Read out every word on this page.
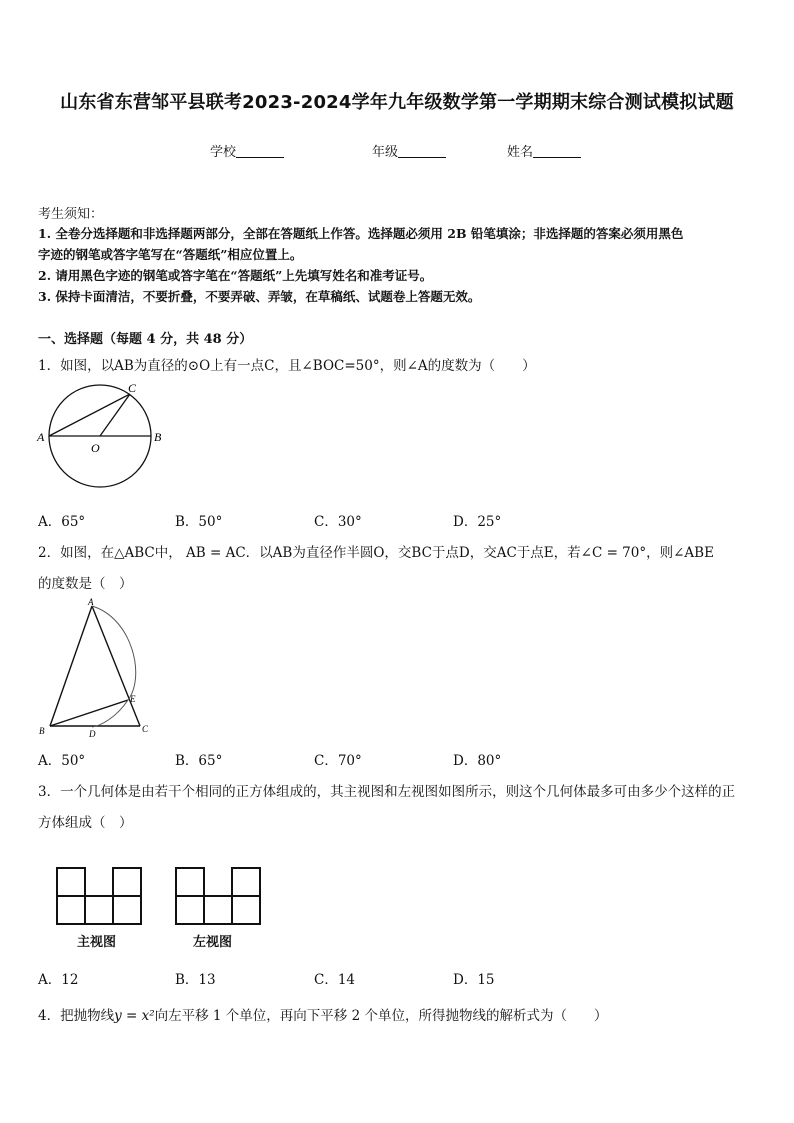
山东省东营邹平县联考2023-2024学年九年级数学第一学期期末综合测试模拟试题
学校	年级	姓名
考生须知：
1. 全卷分选择题和非选择题两部分，全部在答题纸上作答。选择题必须用 2B 铅笔填涂；非选择题的答案必须用黑色
字迹的钢笔或答字笔写在“答题纸”相应位置上。
2. 请用黑色字迹的钢笔或答字笔在“答题纸”上先填写姓名和准考证号。
3. 保持卡面清洁，不要折叠，不要弄破、弄皱，在草稿纸、试题卷上答题无效。
一、选择题（每题 4 分，共 48 分）
1．如图，以AB为直径的⊙O上有一点C，且∠BOC=50°，则∠A的度数为（　　）
A	B
C
O
A．65°	B．50°	C．30°	D．25°
2．如图，在△ABC中， AB = AC．以AB为直径作半圆O，交BC于点D，交AC于点E，若∠C = 70°，则∠ABE
的度数是（　）
A
B	C
D
E
A．50°	B．65°	C．70°	D．80°
3．一个几何体是由若干个相同的正方体组成的，其主视图和左视图如图所示，则这个几何体最多可由多少个这样的正
方体组成（　）
主视图	左视图
A．12	B．13	C．14	D．15
4．把抛物线y = x²向左平移 1 个单位，再向下平移 2 个单位，所得抛物线的解析式为（　　）
